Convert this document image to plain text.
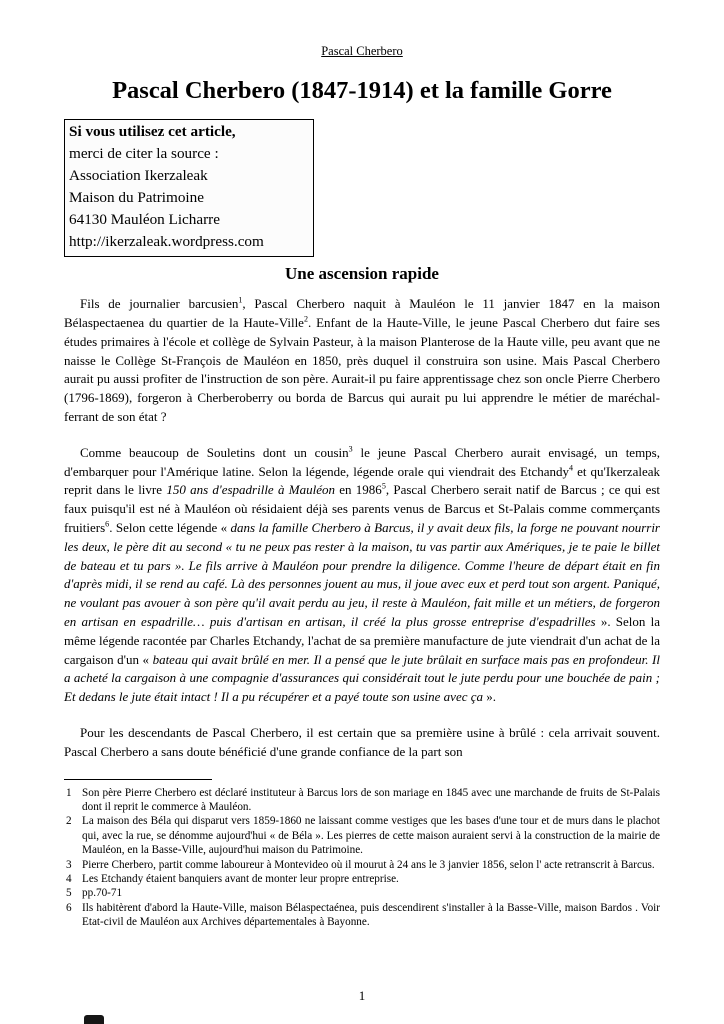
Pascal Cherbero
Pascal Cherbero (1847-1914) et la famille Gorre
Si vous utilisez cet article,
merci de citer la source :
Association Ikerzaleak
Maison du Patrimoine
64130 Mauléon Licharre
http://ikerzaleak.wordpress.com
Une ascension rapide

Fils de journalier barcusien$^1$, Pascal Cherbero naquit à Mauléon le 11 janvier 1847 en la maison Bélaspectaenea du quartier de la Haute-Ville$^2$. Enfant de la Haute-Ville, le jeune Pascal Cherbero dut faire ses études primaires à l'école et collège de Sylvain Pasteur, à la maison Planterose de la Haute ville, peu avant que ne naisse le Collège St-François de Mauléon en 1850, près duquel il construira son usine. Mais Pascal Cherbero aurait pu aussi profiter de l'instruction de son père. Aurait-il pu faire apprentissage chez son oncle Pierre Cherbero (1796-1869), forgeron à Cherberoberry ou borda de Barcus qui aurait pu lui apprendre le métier de maréchal-ferrant de son état ?

Comme beaucoup de Souletins dont un cousin$^3$ le jeune Pascal Cherbero aurait envisagé, un temps, d'embarquer pour l'Amérique latine. Selon la légende, légende orale qui viendrait des Etchandy$^4$ et qu'Ikerzaleak reprit dans le livre 150 ans d'espadrille à Mauléon en 1986$^5$, Pascal Cherbero serait natif de Barcus ; ce qui est faux puisqu'il est né à Mauléon où résidaient déjà ses parents venus de Barcus et St-Palais comme commerçants fruitiers$^6$. Selon cette légende « dans la famille Cherbero à Barcus, il y avait deux fils, la forge ne pouvant nourrir les deux, le père dit au second « tu ne peux pas rester à la maison, tu vas partir aux Amériques, je te paie le billet de bateau et tu pars ». Le fils arrive à Mauléon pour prendre la diligence. Comme l'heure de départ était en fin d'après midi, il se rend au café. Là des personnes jouent au mus, il joue avec eux et perd tout son argent. Paniqué, ne voulant pas avouer à son père qu'il avait perdu au jeu, il reste à Mauléon, fait mille et un métiers, de forgeron en artisan en espadrille… puis d'artisan en artisan, il créé la plus grosse entreprise d'espadrilles ». Selon la même légende racontée par Charles Etchandy, l'achat de sa première manufacture de jute viendrait d'un achat de la cargaison d'un « bateau qui avait brûlé en mer. Il a pensé que le jute brûlait en surface mais pas en profondeur. Il a acheté la cargaison à une compagnie d'assurances qui considérait tout le jute perdu pour une bouchée de pain ; Et dedans le jute était intact ! Il a pu récupérer et a payé toute son usine avec ça ».

Pour les descendants de Pascal Cherbero, il est certain que sa première usine à brûlé : cela arrivait souvent. Pascal Cherbero a sans doute bénéficié d'une grande confiance de la part son

1 Son père Pierre Cherbero est déclaré instituteur à Barcus lors de son mariage en 1845 avec une marchande de fruits de St-Palais dont il reprit le commerce à Mauléon.
2 La maison des Béla qui disparut vers 1859-1860 ne laissant comme vestiges que les bases d'une tour et de murs dans le plachot qui, avec la rue, se dénomme aujourd'hui « de Béla ». Les pierres de cette maison auraient servi à la construction de la mairie de Mauléon, en la Basse-Ville, aujourd'hui maison du Patrimoine.
3 Pierre Cherbero, partit comme laboureur à Montevideo où il mourut à 24 ans le 3 janvier 1856, selon l' acte retranscrit à Barcus.
4 Les Etchandy étaient banquiers avant de monter leur propre entreprise.
5 pp.70-71
6 Ils habitèrent d'abord la Haute-Ville, maison Bélaspectaénea, puis descendirent s'installer à la Basse-Ville, maison Bardos . Voir Etat-civil de Mauléon aux Archives départementales à Bayonne.
1
